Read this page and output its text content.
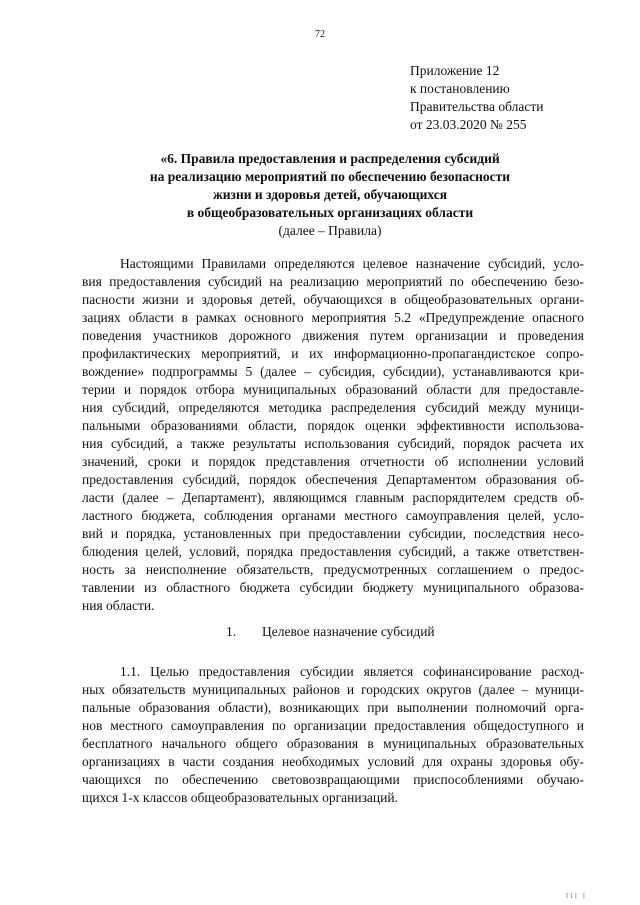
72
Приложение 12
к постановлению
Правительства области
от 23.03.2020 № 255
«6. Правила предоставления и распределения субсидий
на реализацию мероприятий по обеспечению безопасности
жизни и здоровья детей, обучающихся
в общеобразовательных организациях области
(далее – Правила)
Настоящими Правилами определяются целевое назначение субсидий, усло-
вия предоставления субсидий на реализацию мероприятий по обеспечению безо-
пасности жизни и здоровья детей, обучающихся в общеобразовательных органи-
зациях области в рамках основного мероприятия 5.2 «Предупреждение опасного
поведения участников дорожного движения путем организации и проведения
профилактических мероприятий, и их информационно-пропагандистское сопро-
вождение» подпрограммы 5 (далее – субсидия, субсидии), устанавливаются кри-
терии и порядок отбора муниципальных образований области для предоставле-
ния субсидий, определяются методика распределения субсидий между муници-
пальными образованиями области, порядок оценки эффективности использова-
ния субсидий, а также результаты использования субсидий, порядок расчета их
значений, сроки и порядок представления отчетности об исполнении условий
предоставления субсидий, порядок обеспечения Департаментом образования об-
ласти (далее – Департамент), являющимся главным распорядителем средств об-
ластного бюджета, соблюдения органами местного самоуправления целей, усло-
вий и порядка, установленных при предоставлении субсидии, последствия несо-
блюдения целей, условий, порядка предоставления субсидий, а также ответствен-
ность за неисполнение обязательств, предусмотренных соглашением о предос-
тавлении из областного бюджета субсидии бюджету муниципального образова-
ния области.
1. Целевое назначение субсидий
1.1. Целью предоставления субсидии является софинансирование расход-
ных обязательств муниципальных районов и городских округов (далее – муници-
пальные образования области), возникающих при выполнении полномочий орга-
нов местного самоуправления по организации предоставления общедоступного и
бесплатного начального общего образования в муниципальных образовательных
организациях в части создания необходимых условий для охраны здоровья обу-
чающихся по обеспечению световозвращающими приспособлениями обучаю-
щихся 1-х классов общеобразовательных организаций.
III I
